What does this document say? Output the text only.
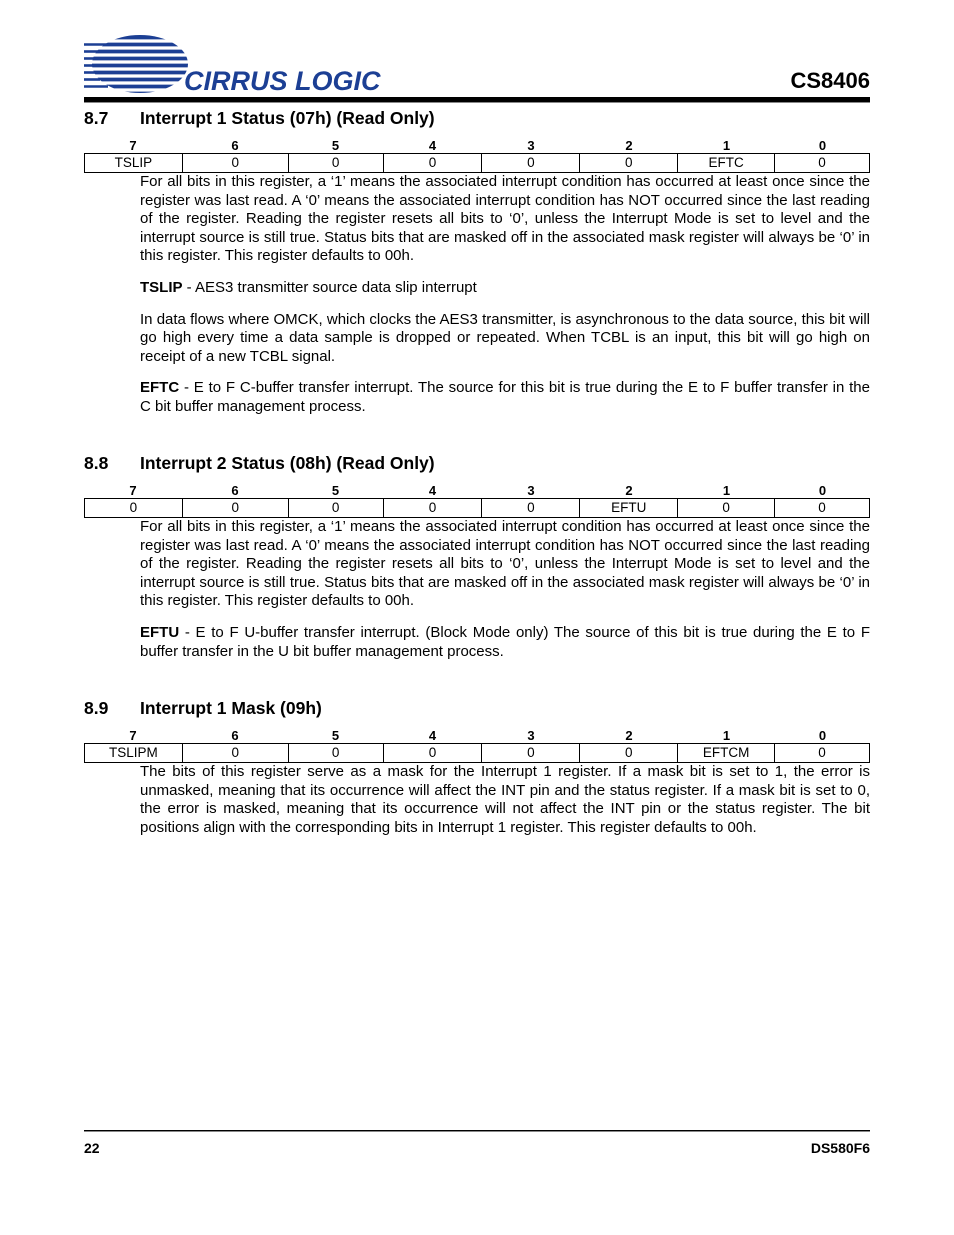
CIRRUS LOGIC	CS8406
8.7	Interrupt 1 Status (07h) (Read Only)
7	6	5	4	3	2	1	0
TSLIP	0	0	0	0	0	EFTC	0

For all bits in this register, a ‘1’ means the associated interrupt condition has occurred at least once since the register was last read. A ‘0’ means the associated interrupt condition has NOT occurred since the last reading of the register. Reading the register resets all bits to ‘0’, unless the Interrupt Mode is set to level and the interrupt source is still true. Status bits that are masked off in the associated mask register will always be ‘0’ in this register. This register defaults to 00h.

TSLIP - AES3 transmitter source data slip interrupt

In data flows where OMCK, which clocks the AES3 transmitter, is asynchronous to the data source, this bit will go high every time a data sample is dropped or repeated. When TCBL is an input, this bit will go high on receipt of a new TCBL signal.

EFTC - E to F C-buffer transfer interrupt. The source for this bit is true during the E to F buffer transfer in the C bit buffer management process.

8.8	Interrupt 2 Status (08h) (Read Only)
7	6	5	4	3	2	1	0
0	0	0	0	0	EFTU	0	0

For all bits in this register, a ‘1’ means the associated interrupt condition has occurred at least once since the register was last read. A ‘0’ means the associated interrupt condition has NOT occurred since the last reading of the register. Reading the register resets all bits to ‘0’, unless the Interrupt Mode is set to level and the interrupt source is still true. Status bits that are masked off in the associated mask register will always be ‘0’ in this register. This register defaults to 00h.

EFTU - E to F U-buffer transfer interrupt. (Block Mode only) The source of this bit is true during the E to F buffer transfer in the U bit buffer management process.

8.9	Interrupt 1 Mask (09h)
7	6	5	4	3	2	1	0
TSLIPM	0	0	0	0	0	EFTCM	0

The bits of this register serve as a mask for the Interrupt 1 register. If a mask bit is set to 1, the error is unmasked, meaning that its occurrence will affect the INT pin and the status register. If a mask bit is set to 0, the error is masked, meaning that its occurrence will not affect the INT pin or the status register. The bit positions align with the corresponding bits in Interrupt 1 register. This register defaults to 00h.

22	DS580F6
